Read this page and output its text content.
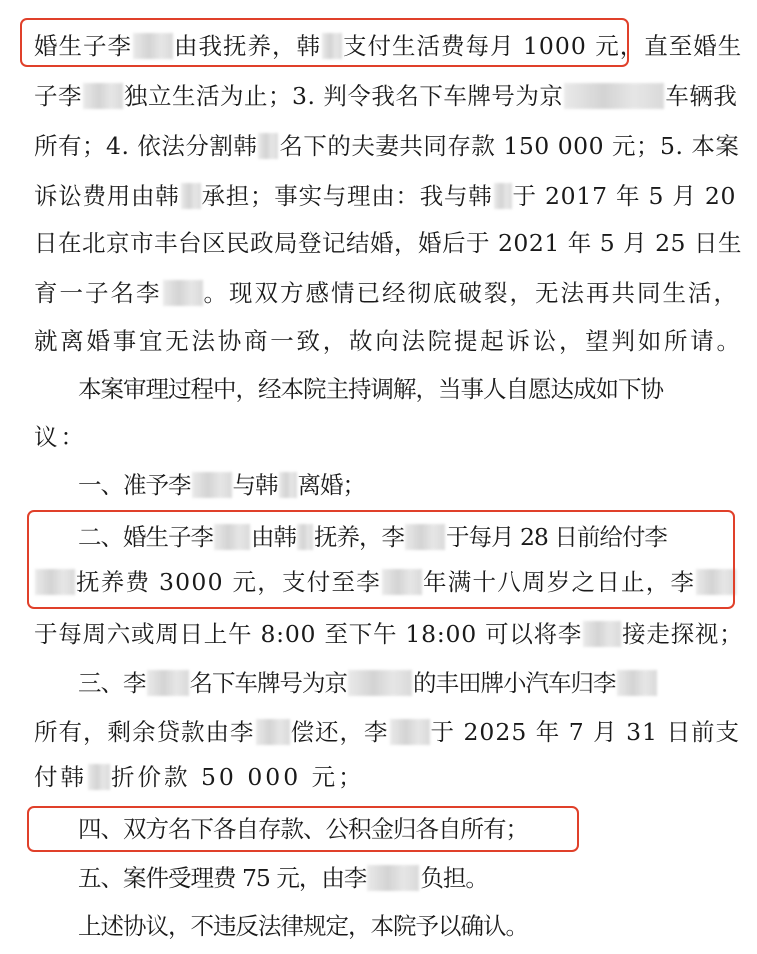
婚生子李 由我抚养，韩 支付生活费每月 1000 元，直至婚生
子李 独立生活为止；3. 判令我名下车牌号为京	车辆我
所有；4. 依法分割韩 名下的夫妻共同存款 150 000 元；5. 本案
诉讼费用由韩 承担；事实与理由：我与韩 于 2017 年 5 月 20
日在北京市丰台区民政局登记结婚，婚后于 2021 年 5 月 25 日生
育一子名李 。现双方感情已经彻底破裂，无法再共同生活，
就离婚事宜无法协商一致，故向法院提起诉讼，望判如所请。
本案审理过程中，经本院主持调解，当事人自愿达成如下协
议：
一、准予李 与韩 离婚；
二、婚生子李 由韩 抚养，李 于每月 28 日前给付李
抚养费 3000 元，支付至李 年满十八周岁之日止，李
于每周六或周日上午 8:00 至下午 18:00 可以将李 接走探视；
三、李 名下车牌号为京	的丰田牌小汽车归李
所有，剩余贷款由李 偿还，李 于 2025 年 7 月 31 日前支
付韩 折价款 50 000 元；
四、双方名下各自存款、公积金归各自所有；
五、案件受理费 75 元，由李 负担。
上述协议，不违反法律规定，本院予以确认。
